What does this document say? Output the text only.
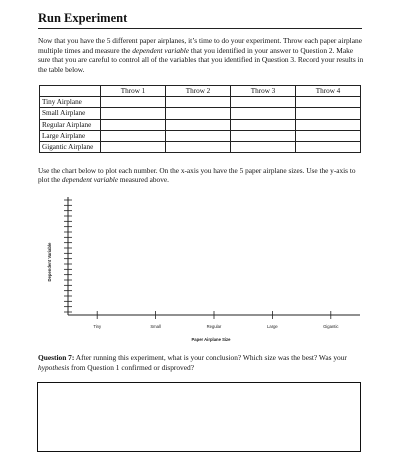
Run Experiment

Now that you have the 5 different paper airplanes, it’s time to do your experiment. Throw each paper airplane multiple times and measure the dependent variable that you identified in your answer to Question 2. Make sure that you are careful to control all of the variables that you identified in Question 3. Record your results in the table below.

	Throw 1	Throw 2	Throw 3	Throw 4
Tiny Airplane				
Small Airplane				
Regular Airplane				
Large Airplane				
Gigantic Airplane				

Use the chart below to plot each number. On the x-axis you have the 5 paper airplane sizes. Use the y-axis to plot the dependent variable measured above.

Tiny	Small	Regular	Large	Gigantic
Paper Airplane Size
Dependent Variable

Question 7: After running this experiment, what is your conclusion? Which size was the best? Was your hypothesis from Question 1 confirmed or disproved?
